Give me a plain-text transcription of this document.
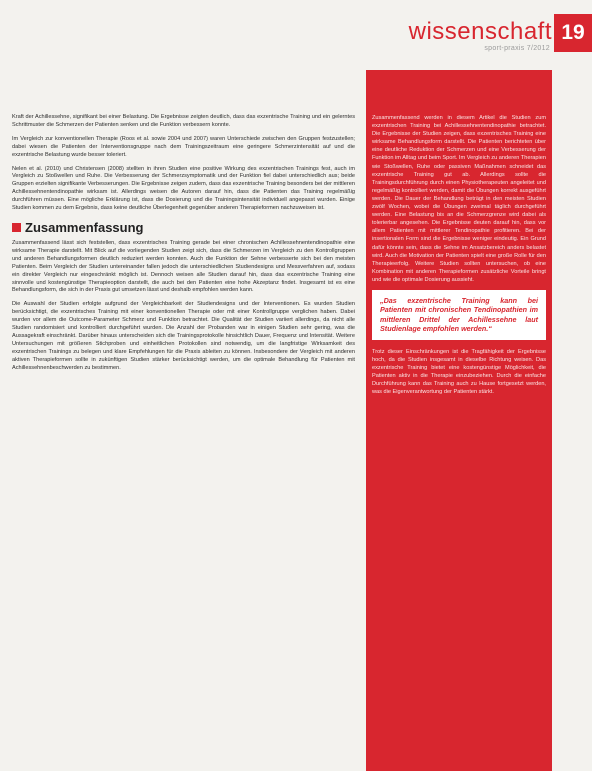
wissenschaft
sport-praxis 7/2012
19

Kraft der Achillessehne, signifikant bei einer Belastung. Die Ergebnisse zeigten deutlich, dass das exzentrische Training und ein gelerntes Schrittmuster die Schmerzen der Patienten senken und die Funktion verbessern konnte.

Im Vergleich zur konventionellen Therapie (Roos et al. sowie 2004 und 2007) waren Unterschiede zwischen den Gruppen festzustellen; dabei wiesen die Patienten der Interventionsgruppe nach dem Trainingszeitraum eine geringere Schmerzintensität auf und die exzentrische Belastung wurde besser toleriert.

Nelen et al. (2010) und Christensen (2008) stellten in ihren Studien eine positive Wirkung des exzentrischen Trainings fest, auch im Vergleich zu Stoßwellen und Ruhe. Die Verbesserung der Schmerzsymptomatik und der Funktion fiel dabei unterschiedlich aus; beide Gruppen erzielten signifikante Verbesserungen. Die Ergebnisse zeigen zudem, dass das exzentrische Training besonders bei der mittleren Achillessehnentendinopathie wirksam ist. Allerdings weisen die Autoren darauf hin, dass die Patienten das Training regelmäßig durchführen müssen. Eine mögliche Erklärung ist, dass die Dosierung und die Trainingsintensität individuell angepasst wurden. Einige Studien kommen zu dem Ergebnis, dass keine deutliche Überlegenheit gegenüber anderen Therapieformen nachzuweisen ist.

Zusammenfassung

Zusammenfassend lässt sich feststellen, dass exzentrisches Training gerade bei einer chronischen Achillessehnentendinopathie eine wirksame Therapie darstellt. Mit Blick auf die vorliegenden Studien zeigt sich, dass die Schmerzen im Vergleich zu den Kontrollgruppen und anderen Behandlungsformen deutlich reduziert werden konnten. Auch die Funktion der Sehne verbesserte sich bei den meisten Patienten. Beim Vergleich der Studien untereinander fallen jedoch die unterschiedlichen Studiendesigns und Messverfahren auf, sodass ein direkter Vergleich nur eingeschränkt möglich ist. Dennoch weisen alle Studien darauf hin, dass das exzentrische Training eine sinnvolle und kostengünstige Therapieoption darstellt, die auch bei den Patienten eine hohe Akzeptanz findet. Insgesamt ist es eine Behandlungsform, die sich in der Praxis gut umsetzen lässt und deshalb empfohlen werden kann.

Die Auswahl der Studien erfolgte aufgrund der Vergleichbarkeit der Studiendesigns und der Interventionen. Es wurden Studien berücksichtigt, die exzentrisches Training mit einer konventionellen Therapie oder mit einer Kontrollgruppe verglichen haben. Dabei wurden vor allem die Outcome-Parameter Schmerz und Funktion betrachtet. Die Qualität der Studien variiert allerdings, da nicht alle Studien randomisiert und kontrolliert durchgeführt wurden. Die Anzahl der Probanden war in einigen Studien sehr gering, was die Aussagekraft einschränkt. Darüber hinaus unterscheiden sich die Trainingsprotokolle hinsichtlich Dauer, Frequenz und Intensität. Weitere Untersuchungen mit größeren Stichproben und einheitlichen Protokollen sind notwendig, um die langfristige Wirksamkeit des exzentrischen Trainings zu belegen und klare Empfehlungen für die Praxis ableiten zu können. Insbesondere der Vergleich mit anderen aktiven Therapieformen sollte in zukünftigen Studien stärker berücksichtigt werden, um die optimale Behandlung für Patienten mit Achillessehnenbeschwerden zu bestimmen.

Zusammenfassend werden in diesem Artikel die Studien zum exzentrischen Training bei Achillessehnentendinopathie betrachtet. Die Ergebnisse der Studien zeigen, dass exzentrisches Training eine wirksame Behandlungsform darstellt. Die Patienten berichteten über eine deutliche Reduktion der Schmerzen und eine Verbesserung der Funktion im Alltag und beim Sport. Im Vergleich zu anderen Therapien wie Stoßwellen, Ruhe oder passiven Maßnahmen schneidet das exzentrische Training gut ab. Allerdings sollte die Trainingsdurchführung durch einen Physiotherapeuten angeleitet und regelmäßig kontrolliert werden, damit die Übungen korrekt ausgeführt werden. Die Dauer der Behandlung beträgt in den meisten Studien zwölf Wochen, wobei die Übungen zweimal täglich durchgeführt werden. Eine Belastung bis an die Schmerzgrenze wird dabei als tolerierbar angesehen. Die Ergebnisse deuten darauf hin, dass vor allem Patienten mit mittlerer Tendinopathie profitieren. Bei der insertionalen Form sind die Ergebnisse weniger eindeutig. Ein Grund dafür könnte sein, dass die Sehne im Ansatzbereich anders belastet wird. Auch die Motivation der Patienten spielt eine große Rolle für den Therapieerfolg. Weitere Studien sollten untersuchen, ob eine Kombination mit anderen Therapieformen zusätzliche Vorteile bringt und wie die optimale Dosierung aussieht.

„Das exzentrische Training kann bei Patienten mit chronischen Tendinopathien im mittleren Drittel der Achillessehne laut Studienlage empfohlen werden.“

Trotz dieser Einschränkungen ist die Tragfähigkeit der Ergebnisse hoch, da die Studien insgesamt in dieselbe Richtung weisen. Das exzentrische Training bietet eine kostengünstige Möglichkeit, die Patienten aktiv in die Therapie einzubeziehen. Durch die einfache Durchführung kann das Training auch zu Hause fortgesetzt werden, was die Eigenverantwortung der Patienten stärkt.
